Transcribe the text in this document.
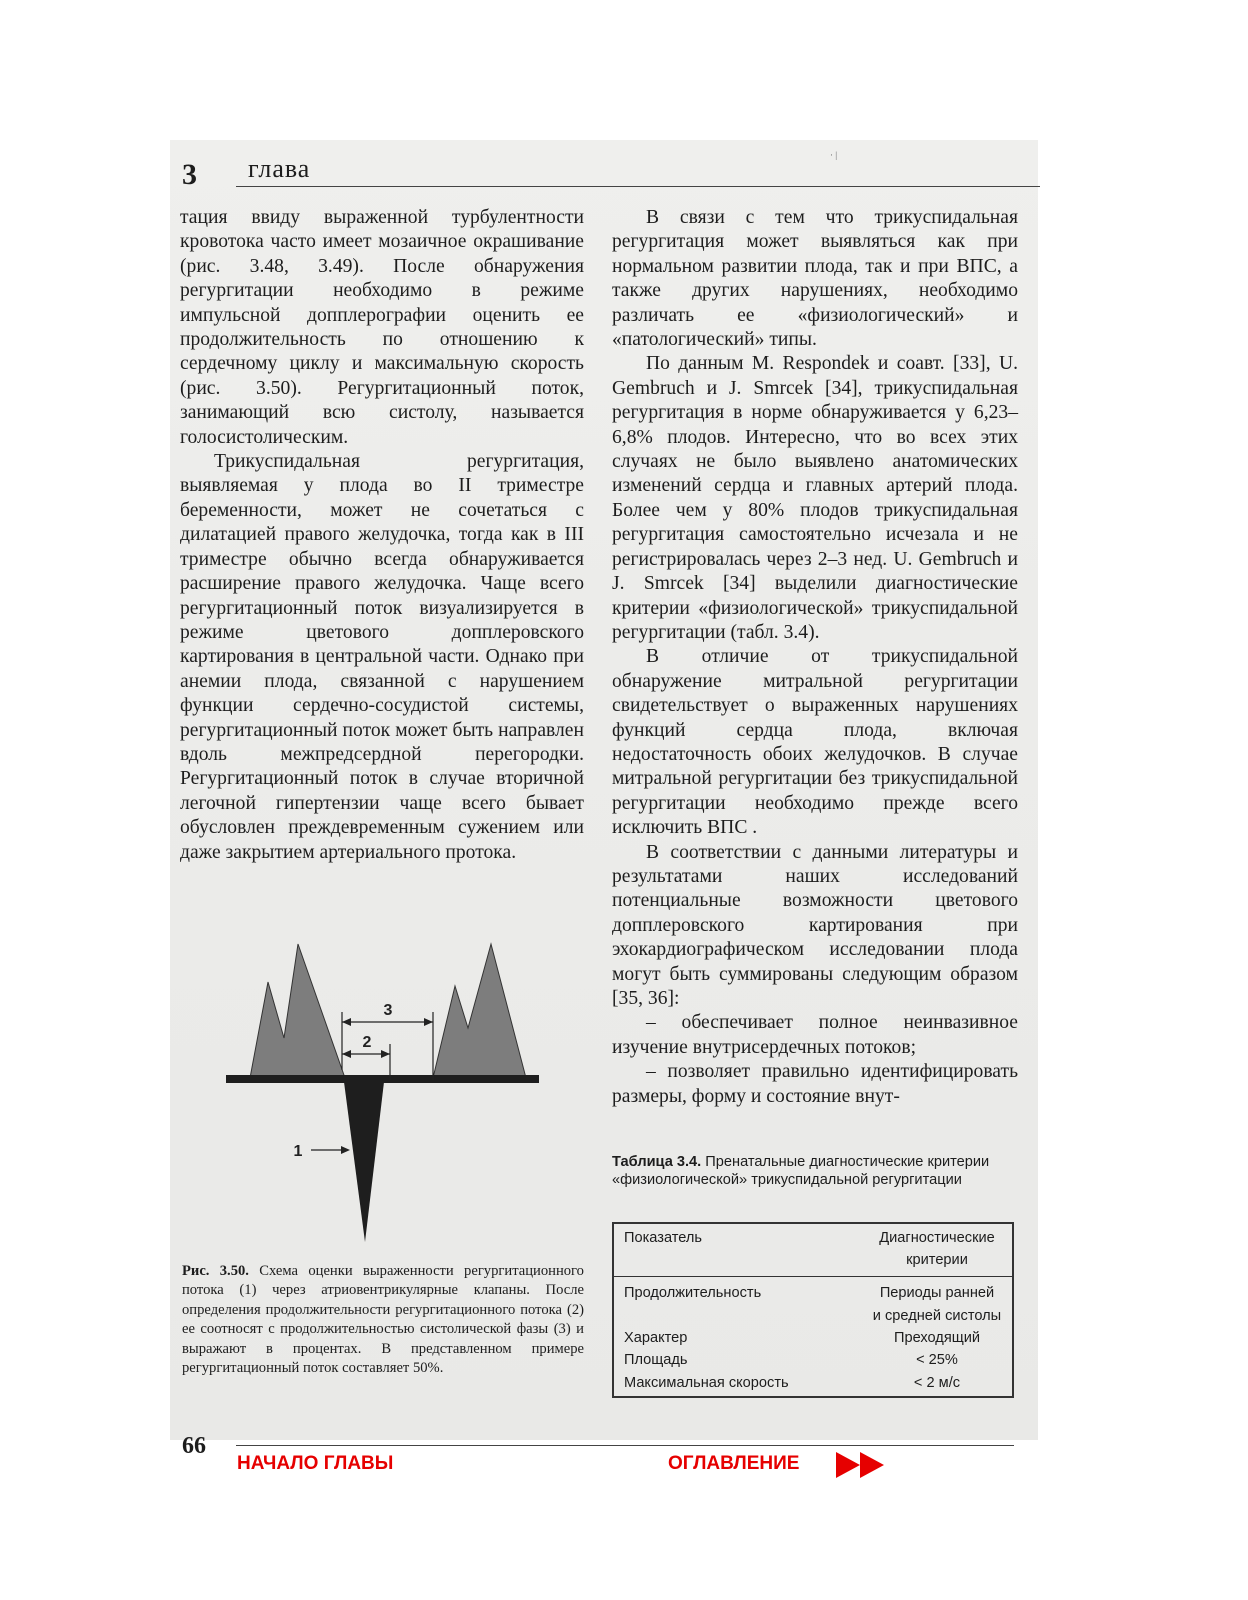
3 глава	· |

тация ввиду выраженной турбулентности кровотока часто имеет мозаичное окрашивание (рис. 3.48, 3.49). После обнаружения регургитации необходимо в режиме импульсной допплерографии оценить ее продолжительность по отношению к сердечному циклу и максимальную скорость (рис. 3.50). Регургитационный поток, занимающий всю систолу, называется голосистолическим.

Трикуспидальная регургитация, выявляемая у плода во II триместре беременности, может не сочетаться с дилатацией правого желудочка, тогда как в III триместре обычно всегда обнаруживается расширение правого желудочка. Чаще всего регургитационный поток визуализируется в режиме цветового допплеровского картирования в центральной части. Однако при анемии плода, связанной с нарушением функции сердечно-сосудистой системы, регургитационный поток может быть направлен вдоль межпредсердной перегородки. Регургитационный поток в случае вторичной легочной гипертензии чаще всего бывает обусловлен преждевременным сужением или даже закрытием артериального протока.

В связи с тем что трикуспидальная регургитация может выявляться как при нормальном развитии плода, так и при ВПС, а также других нарушениях, необходимо различать ее «физиологический» и «патологический» типы.

По данным M. Respondek и соавт. [33], U. Gembruch и J. Smrcek [34], трикуспидальная регургитация в норме обнаруживается у 6,23–6,8% плодов. Интересно, что во всех этих случаях не было выявлено анатомических изменений сердца и главных артерий плода. Более чем у 80% плодов трикуспидальная регургитация самостоятельно исчезала и не регистрировалась через 2–3 нед. U. Gembruch и J. Smrcek [34] выделили диагностические критерии «физиологической» трикуспидальной регургитации (табл. 3.4).

В отличие от трикуспидальной обнаружение митральной регургитации свидетельствует о выраженных нарушениях функций сердца плода, включая недостаточность обоих желудочков. В случае митральной регургитации без трикуспидальной регургитации необходимо прежде всего исключить ВПС .

В соответствии с данными литературы и результатами наших исследований потенциальные возможности цветового допплеровского картирования при эхокардиографическом исследовании плода могут быть суммированы следующим образом [35, 36]:

– обеспечивает полное неинвазивное изучение внутрисердечных потоков;

– позволяет правильно идентифицировать размеры, форму и состояние внут-

3
2
1
Рис. 3.50. Схема оценки выраженности регургитационного потока (1) через атриовентрикулярные клапаны. После определения продолжительности регургитационного потока (2) ее соотносят с продолжительностью систолической фазы (3) и выражают в процентах. В представленном примере регургитационный поток составляет 50%.
Таблица 3.4. Пренатальные диагностические критерии «физиологической» трикуспидальной регургитации
Показатель	Диагностические
критерии
Продолжительность	Периоды ранней
и средней систолы
Характер	Преходящий
Площадь	< 25%
Максимальная скорость	< 2 м/с
66
НАЧАЛО ГЛАВЫ	ОГЛАВЛЕНИЕ
